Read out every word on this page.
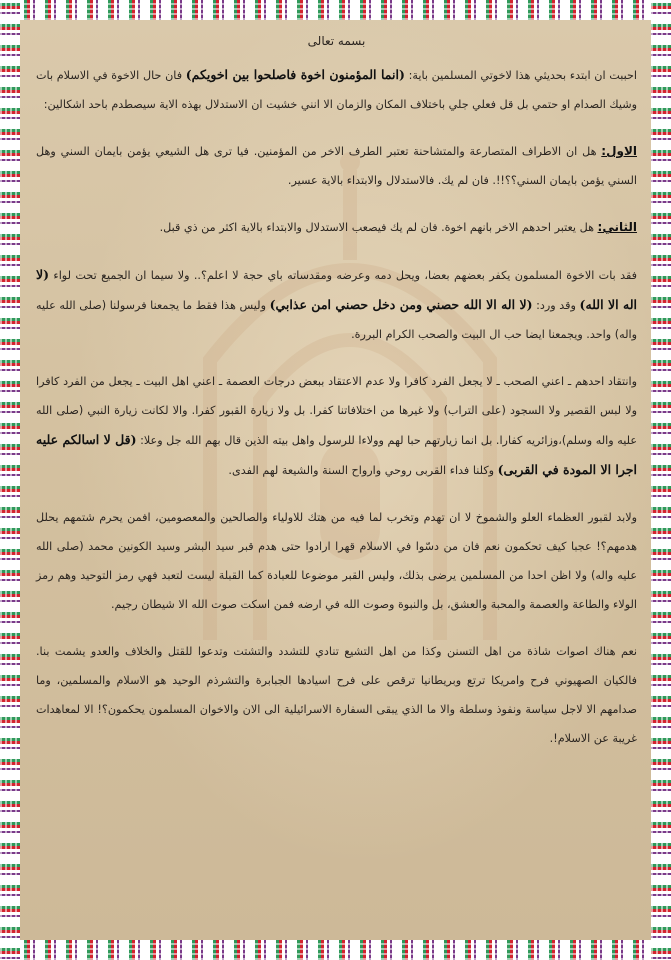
بسمه تعالى

احببت ان ابتدء بحديثي هذا لاخوتي المسلمين باية: (انما المؤمنون اخوة فاصلحوا بين اخويكم) فان حال الاخوة في الاسلام بات وشيك الصدام او حتمي بل قل فعلي جلي باختلاف المكان والزمان الا انني خشيت ان الاستدلال بهذه الاية سيصطدم باحد اشكالين:

الاول: هل ان الاطراف المتصارعة والمتشاحنة تعتبر الطرف الاخر من المؤمنين. فيا ترى هل الشيعي يؤمن بايمان السني وهل السني يؤمن بايمان السني؟؟!!. فان لم يك. فالاستدلال والابتداء بالاية عسير.

الثاني: هل يعتبر احدهم الاخر بانهم اخوة. فان لم يك فيصعب الاستدلال والابتداء بالاية اكثر من ذي قبل.

فقد بات الاخوة المسلمون يكفر بعضهم بعضا، ويحل دمه وعرضه ومقدساته باي حجة لا اعلم؟.. ولا سيما ان الجميع تحت لواء (لا اله الا الله) وقد ورد: (لا اله الا الله حصني ومن دخل حصني امن عذابي) وليس هذا فقط ما يجمعنا فرسولنا (صلى الله عليه واله) واحد. ويجمعنا ايضا حب ال البيت والصحب الكرام البررة.

وانتقاد احدهم ـ اعني الصحب ـ لا يجعل الفرد كافرا ولا عدم الاعتقاد ببعض درجات العصمة ـ اعني اهل البيت ـ يجعل من الفرد كافرا ولا لبس القصير ولا السجود (على التراب) ولا غيرها من اختلافاتنا كفرا. بل ولا زيارة القبور كفرا. والا لكانت زيارة النبي (صلى الله عليه واله وسلم)،وزائريه كفارا. بل انما زيارتهم حبا لهم وولاءا للرسول واهل بيته الذين قال بهم الله جل وعلا: (قل لا اسالكم عليه اجرا الا المودة في القربى) وكلنا فداء القربى روحي وارواح السنة والشيعة لهم الفدى.

ولابد لقبور العظماء العلو والشموخ لا ان تهدم وتخرب لما فيه من هتك للاولياء والصالحين والمعصومين، افمن يحرم شتمهم يحلل هدمهم؟! عجبا كيف تحكمون نعم فان من دسّوا في الاسلام قهرا ارادوا حتى هدم قبر سيد البشر وسيد الكونين محمد (صلى الله عليه واله) ولا اظن احدا من المسلمين يرضى بذلك، وليس القبر موضوعا للعبادة كما القبلة ليست لتعبد فهي رمز التوحيد وهم رمز الولاء والطاعة والعصمة والمحبة والعشق، بل والنبوة وصوت الله في ارضه فمن اسكت صوت الله الا شيطان رجيم.

نعم هناك اصوات شاذة من اهل التسنن وكذا من اهل التشيع تنادي للتشدد والتشتت وتدعوا للقتل والخلاف والعدو يشمت بنا. فالكيان الصهيوني فرح وامريكا ترتع وبريطانيا ترقص على فرح اسيادها الجبابرة والتشرذم الوحيد هو الاسلام والمسلمين، وما صدامهم الا لاجل سياسة ونفوذ وسلطة والا ما الذي يبقى السفارة الاسرائيلية الى الان والاخوان المسلمون يحكمون؟! الا لمعاهدات غريبة عن الاسلام!.
